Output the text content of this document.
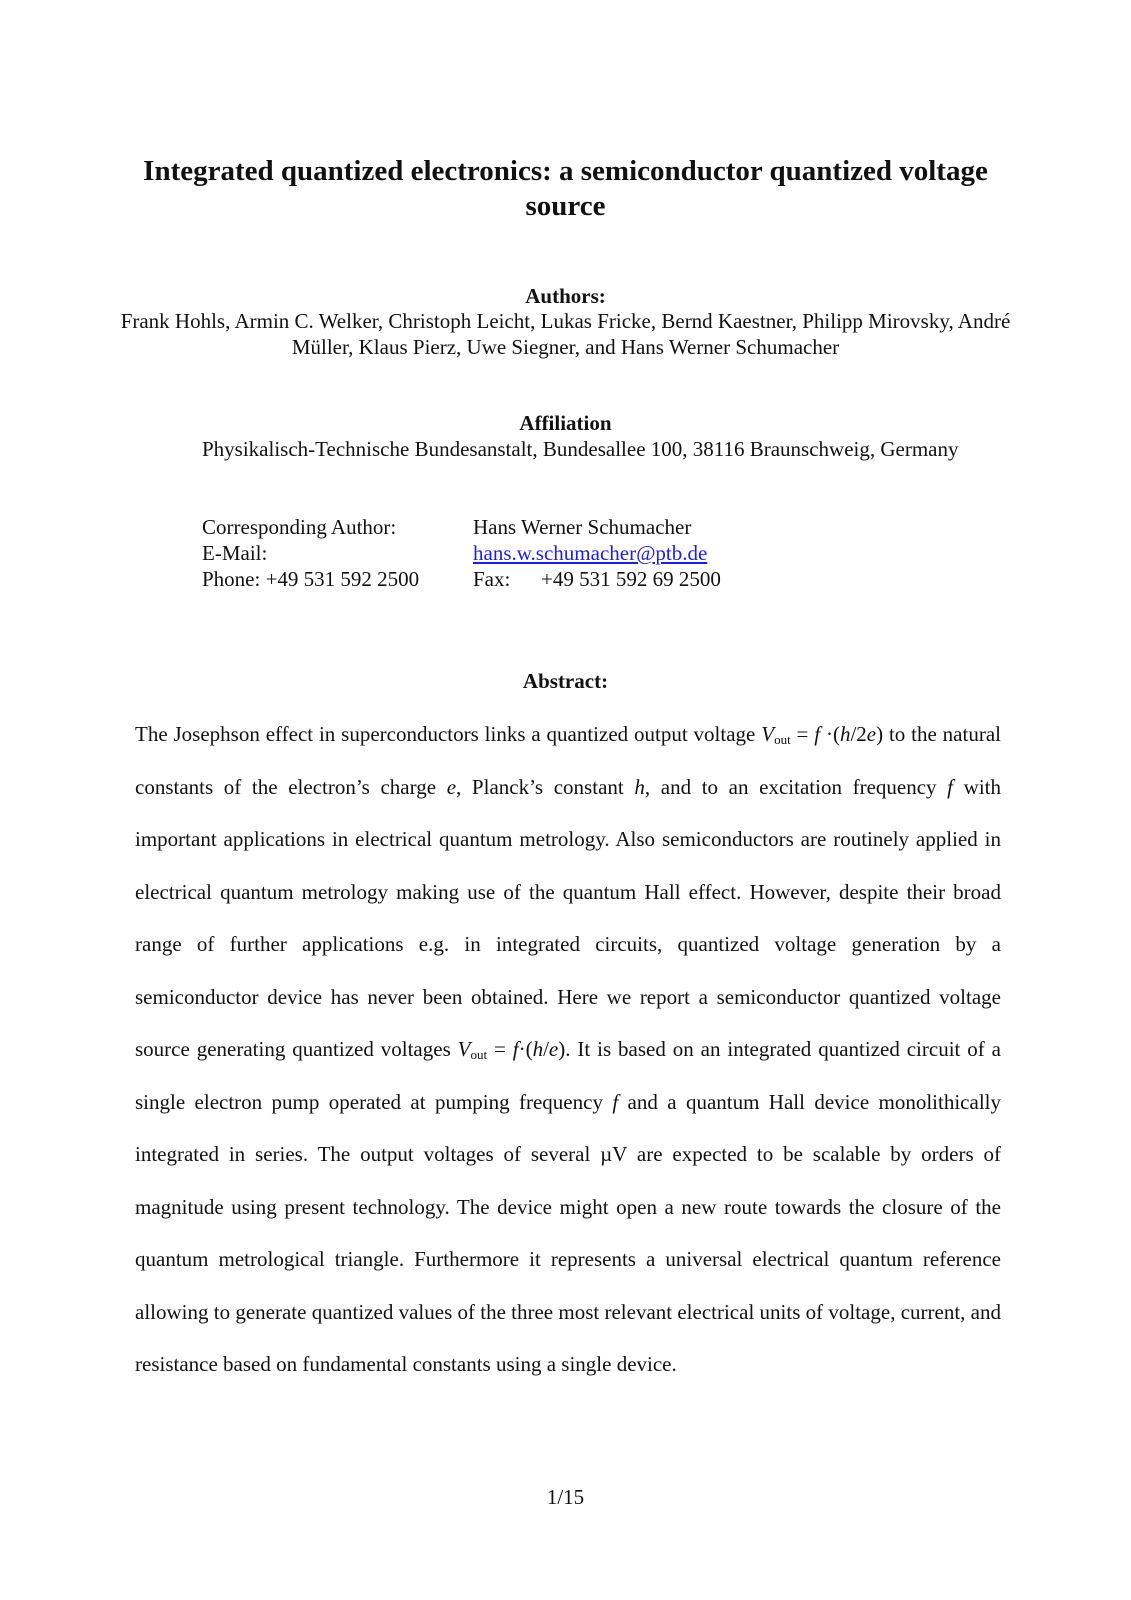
Integrated quantized electronics: a semiconductor quantized voltage source
Authors:
Frank Hohls, Armin C. Welker, Christoph Leicht, Lukas Fricke, Bernd Kaestner, Philipp Mirovsky, André Müller, Klaus Pierz, Uwe Siegner, and Hans Werner Schumacher
Affiliation

Physikalisch-Technische Bundesanstalt, Bundesallee 100, 38116 Braunschweig, Germany

Corresponding Author:	Hans Werner Schumacher
E-Mail:	hans.w.schumacher@ptb.de
Phone: +49 531 592 2500	Fax: +49 531 592 69 2500
Abstract:

The Josephson effect in superconductors links a quantized output voltage $V_{out} = f \cdot(h/2e)$ to the natural constants of the electron’s charge e, Planck’s constant h, and to an excitation frequency f with important applications in electrical quantum metrology. Also semiconductors are routinely applied in electrical quantum metrology making use of the quantum Hall effect. However, despite their broad range of further applications e.g. in integrated circuits, quantized voltage generation by a semiconductor device has never been obtained. Here we report a semiconductor quantized voltage source generating quantized voltages $V_{out} = f\cdot(h/e)$. It is based on an integrated quantized circuit of a single electron pump operated at pumping frequency f and a quantum Hall device monolithically integrated in series. The output voltages of several µV are expected to be scalable by orders of magnitude using present technology. The device might open a new route towards the closure of the quantum metrological triangle. Furthermore it represents a universal electrical quantum reference allowing to generate quantized values of the three most relevant electrical units of voltage, current, and resistance based on fundamental constants using a single device.

1/15
